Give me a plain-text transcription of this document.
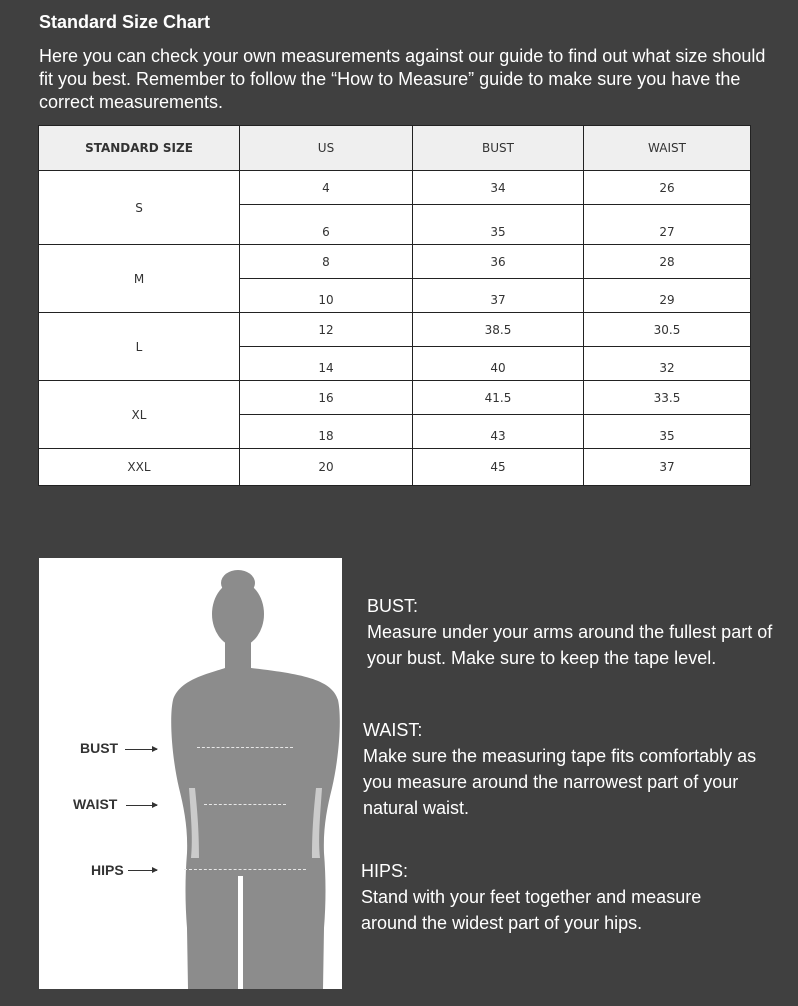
Standard Size Chart
Here you can check your own measurements against our guide to find out what size should fit you best. Remember to follow the “How to Measure” guide to make sure you have the correct measurements.
STANDARD SIZE	US	BUST	WAIST
S	4	34	26
	6	35	27
M	8	36	28
	10	37	29
L	12	38.5	30.5
	14	40	32
XL	16	41.5	33.5
	18	43	35
XXL	20	45	37
BUST
WAIST
HIPS
BUST:
Measure under your arms around the fullest part of your bust. Make sure to keep the tape level.
WAIST:
Make sure the measuring tape fits comfortably as you measure around the narrowest part of your natural waist.
HIPS:
Stand with your feet together and measure around the widest part of your hips.
